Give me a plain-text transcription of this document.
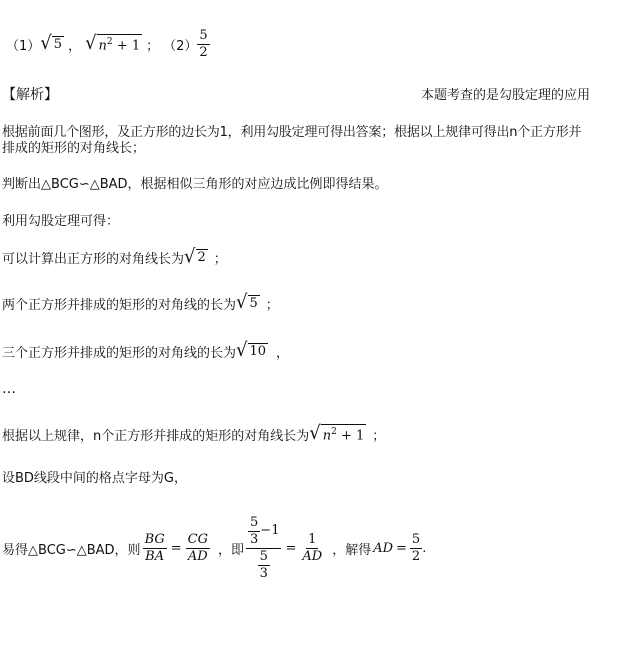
（1） √ 5 ， √ $n^2 + 1$ ； $(2) \frac{5}{2}$
【解析】	本题考查的是勾股定理的应用
根据前面几个图形，及正方形的边长为1，利用勾股定理可得出答案；根据以上规律可得出n个正方形并
排成的矩形的对角线长；
判断出△BCG∽△BAD，根据相似三角形的对应边成比例即得结果。
利用勾股定理可得：
可以计算出正方形的对角线长为 √ 2 ；
两个正方形并排成的矩形的对角线的长为 √ 5 ；
三个正方形并排成的矩形的对角线的长为 √ 10 ，
…
根据以上规律，n个正方形并排成的矩形的对角线长为 √ $n^2 + 1$ ；
设BD线段中间的格点字母为G，
易得△BCG∽△BAD，则 $\frac{BG}{BA} = \frac{CG}{AD}$ ，即 $\frac{\frac{5}{3} -1}{\frac{5}{3}} = \frac{1}{AD}$ ，解得 AD = $\frac{5}{2}$ .
